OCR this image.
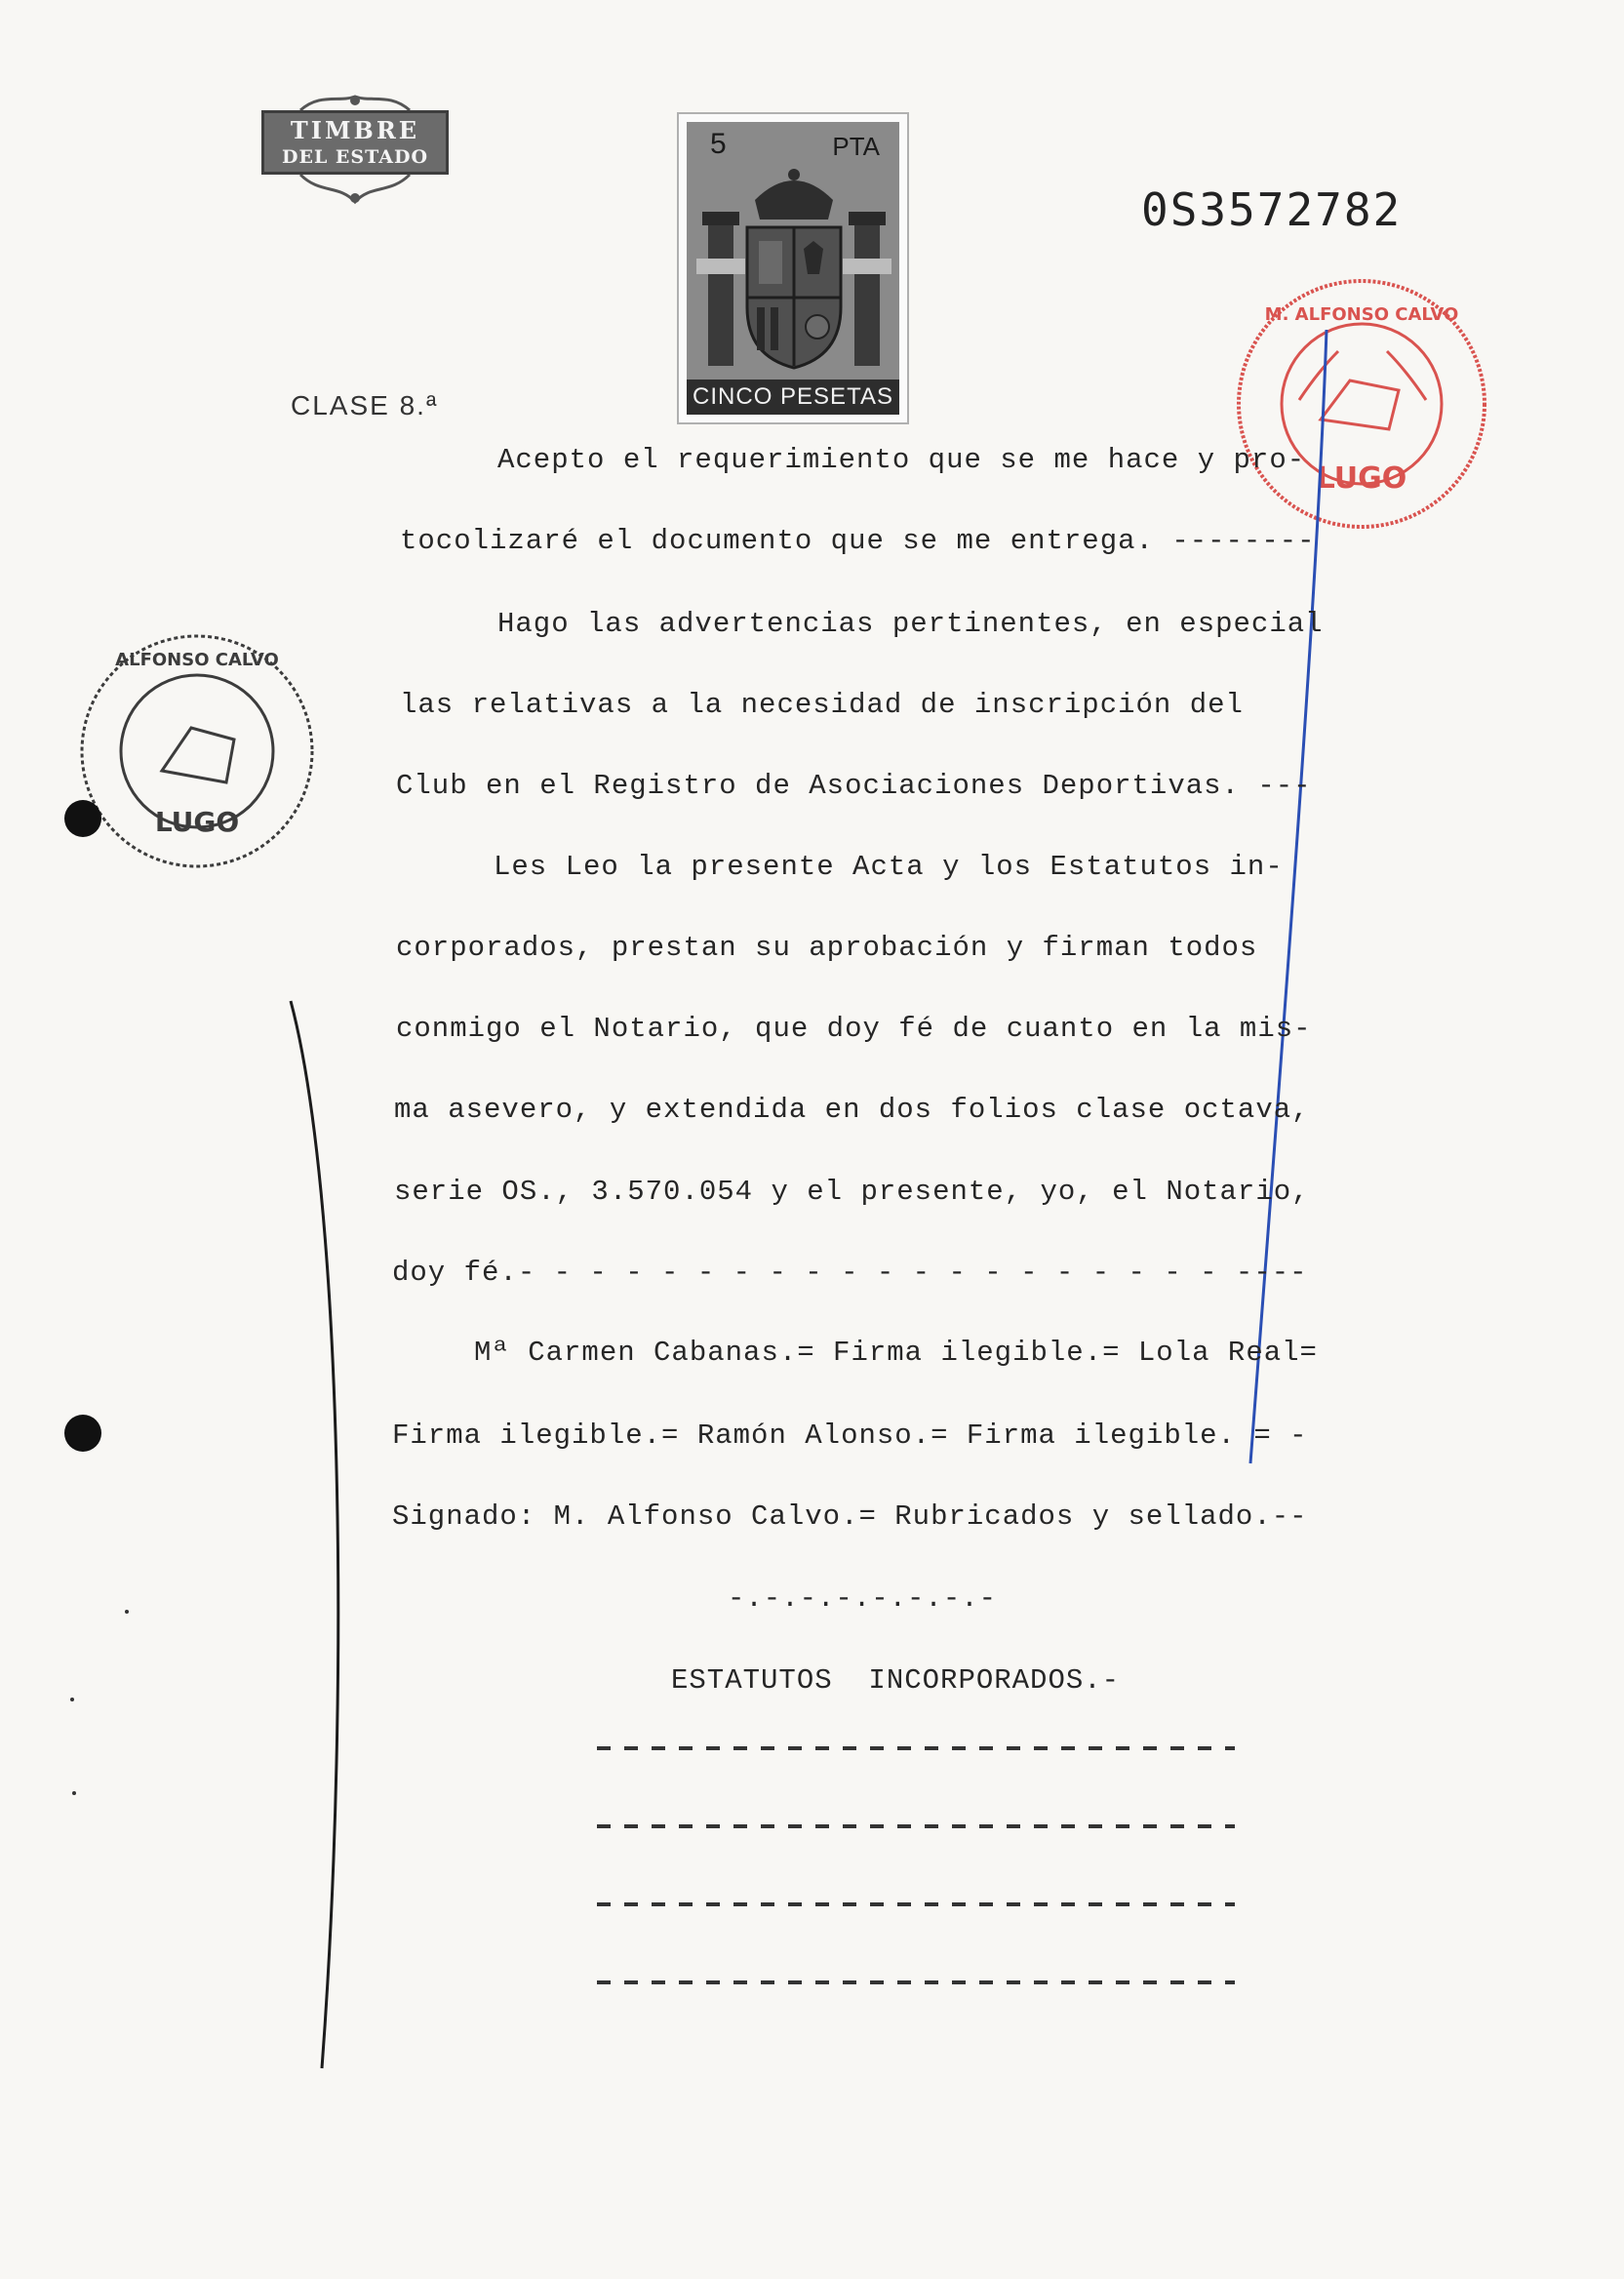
TIMBRE
DEL ESTADO	5	PTA
CINCO PESETAS
0S3572782
CLASE 8.ª
LUGO
M. ALFONSO CALVO
LUGO
ALFONSO CALVO
Acepto el requerimiento que se me hace y pro-
tocolizaré el documento que se me entrega. --------
Hago las advertencias pertinentes, en especial
las relativas a la necesidad de inscripción del
Club en el Registro de Asociaciones Deportivas. ---
Les Leo la presente Acta y los Estatutos in-
corporados, prestan su aprobación y firman todos
conmigo el Notario, que doy fé de cuanto en la mis-
ma asevero, y extendida en dos folios clase octava,
serie OS., 3.570.054 y el presente, yo, el Notario,
doy fé.- - - - - - - - - - - - - - - - - - - - ----
Mª Carmen Cabanas.= Firma ilegible.= Lola Real=
Firma ilegible.= Ramón Alonso.= Firma ilegible. = -
Signado: M. Alfonso Calvo.= Rubricados y sellado.--
-.-.-.-.-.-.-.-
ESTATUTOS  INCORPORADOS.-
